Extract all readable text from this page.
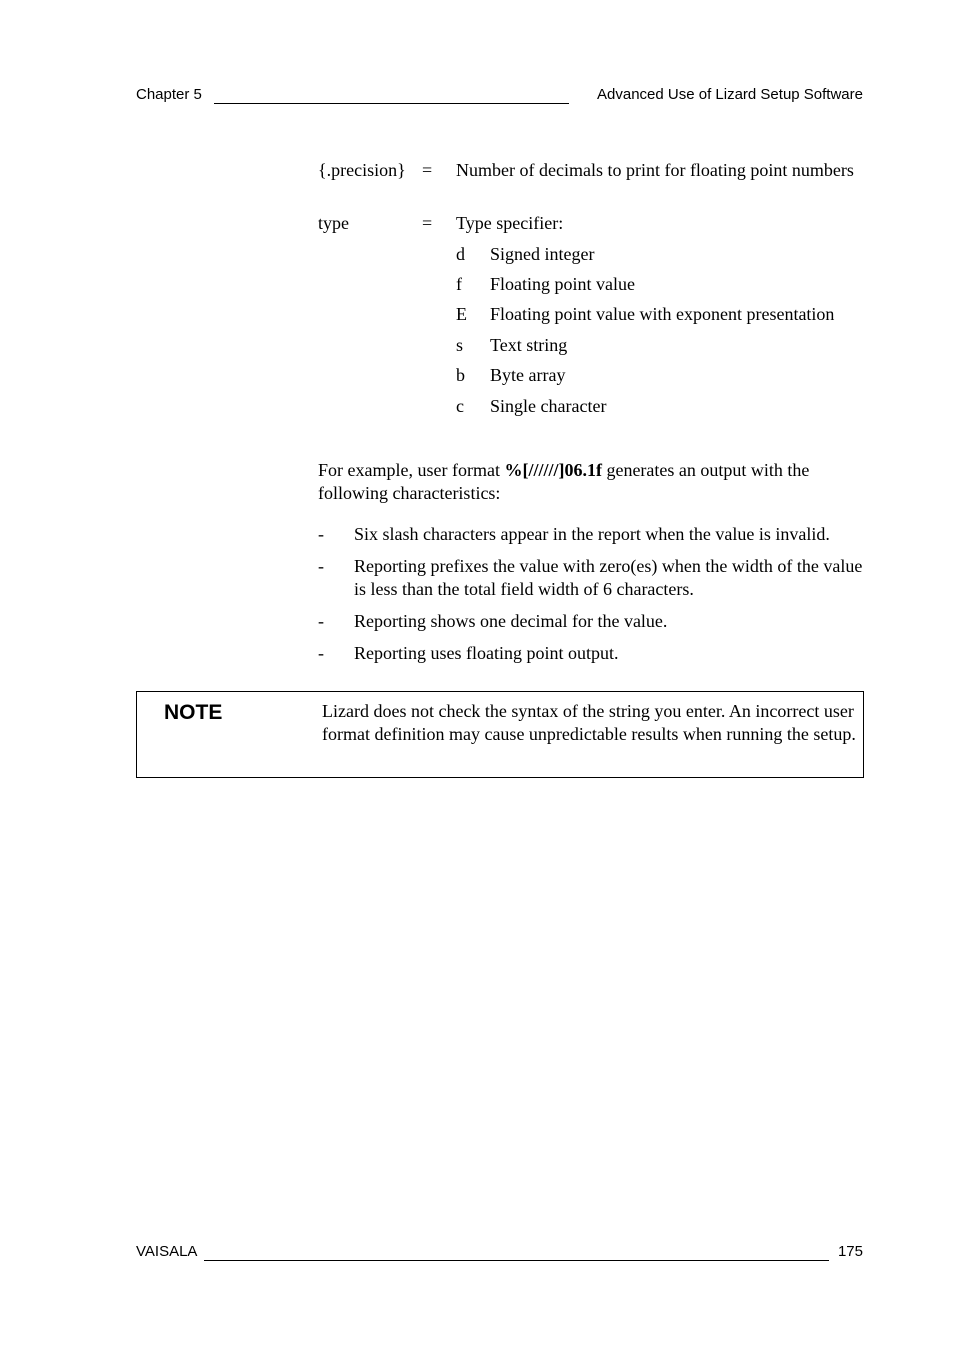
Chapter 5	Advanced Use of Lizard Setup Software
{.precision} = Number of decimals to print for floating point numbers
type	= Type specifier:
d Signed integer
f Floating point value
E Floating point value with exponent presentation
s Text string
b Byte array
c Single character
For example, user format %[//////]06.1f generates an output with the following characteristics:
- Six slash characters appear in the report when the value is invalid.
- Reporting prefixes the value with zero(es) when the width of the value is less than the total field width of 6 characters.
- Reporting shows one decimal for the value.
- Reporting uses floating point output.
NOTE	Lizard does not check the syntax of the string you enter. An incorrect user format definition may cause unpredictable results when running the setup.
VAISALA	175
